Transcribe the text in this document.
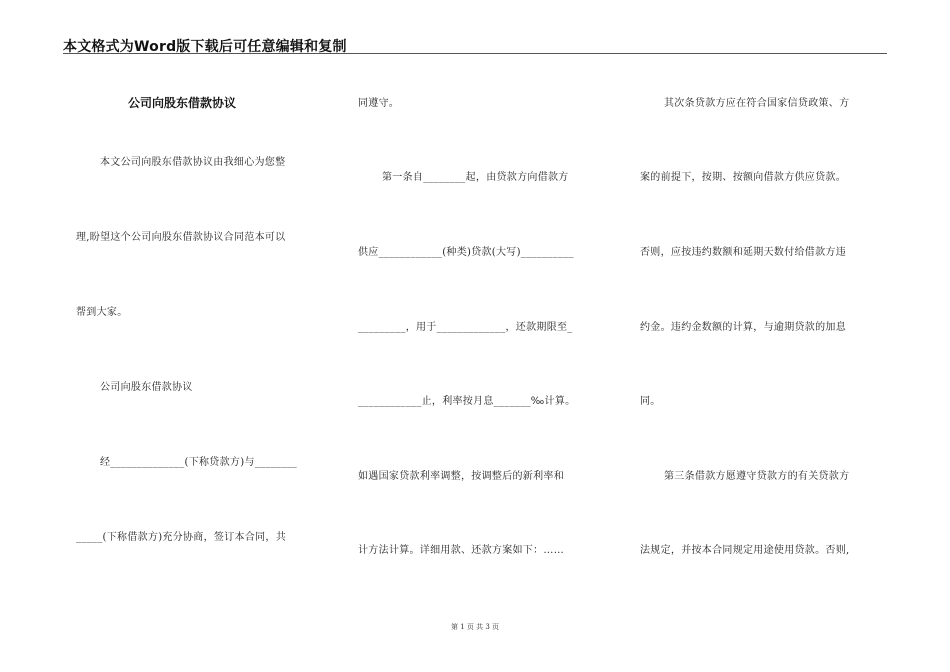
本文格式为Word版下载后可任意编辑和复制
公司向股东借款协议
本文公司向股东借款协议由我细心为您整
理,盼望这个公司向股东借款协议合同范本可以
帮到大家。
公司向股东借款协议
经______________(下称贷款方)与________
_____(下称借款方)充分协商，签订本合同，共
同遵守。
第一条自________起，由贷款方向借款方
供应____________(种类)贷款(大写)__________
_________，用于_____________，还款期限至_
____________止，利率按月息_______‰计算。
如遇国家贷款利率调整，按调整后的新利率和
计方法计算。详细用款、还款方案如下：……
其次条贷款方应在符合国家信贷政策、方
案的前提下，按期、按额向借款方供应贷款。
否则，应按违约数额和延期天数付给借款方违
约金。违约金数额的计算，与逾期贷款的加息
同。
第三条借款方愿遵守贷款方的有关贷款方
法规定，并按本合同规定用途使用贷款。否则,
第 1 页 共 3 页
